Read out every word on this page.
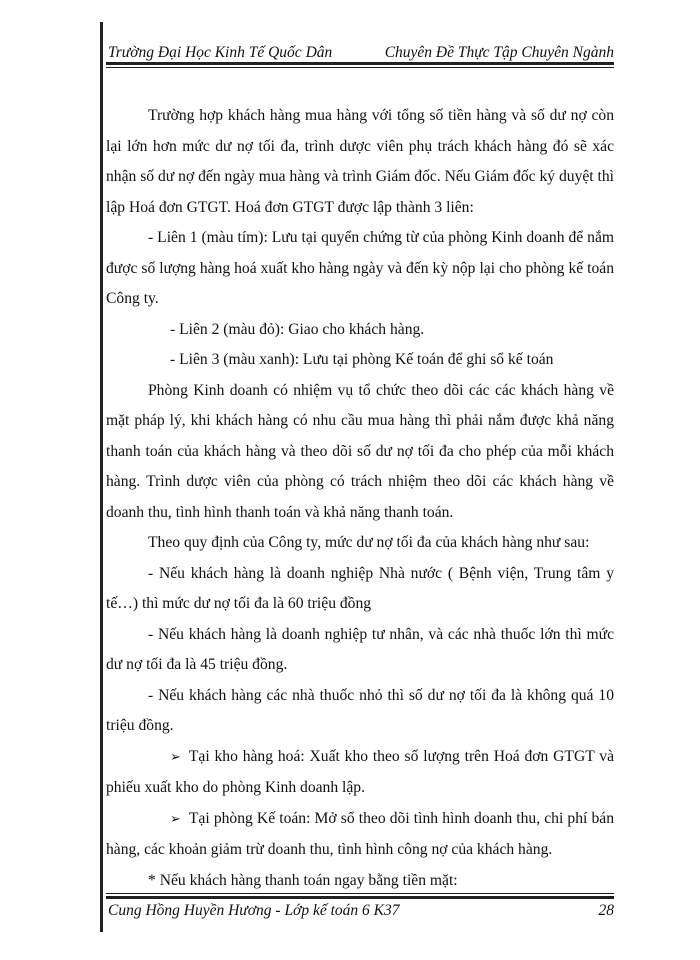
Trường Đại Học Kinh Tế Quốc Dân	Chuyên Đề Thực Tập Chuyên Ngành

Trường hợp khách hàng mua hàng với tổng số tiền hàng và số dư nợ còn lại lớn hơn mức dư nợ tối đa, trình dược viên phụ trách khách hàng đó sẽ xác nhận số dư nợ đến ngày mua hàng và trình Giám đốc. Nếu Giám đốc ký duyệt thì lập Hoá đơn GTGT. Hoá đơn GTGT được lập thành 3 liên:

- Liên 1 (màu tím): Lưu tại quyển chứng từ của phòng Kinh doanh để nắm được số lượng hàng hoá xuất kho hàng ngày và đến kỳ nộp lại cho phòng kế toán Công ty.

- Liên 2 (màu đỏ): Giao cho khách hàng.

- Liên 3 (màu xanh): Lưu tại phòng Kế toán để ghi sổ kế toán

Phòng Kinh doanh có nhiệm vụ tổ chức theo dõi các các khách hàng về mặt pháp lý, khi khách hàng có nhu cầu mua hàng thì phải nắm được khả năng thanh toán của khách hàng và theo dõi số dư nợ tối đa cho phép của mỗi khách hàng. Trình dược viên của phòng có trách nhiệm theo dõi các khách hàng về doanh thu, tình hình thanh toán và khả năng thanh toán.

Theo quy định của Công ty, mức dư nợ tối đa của khách hàng như sau:

- Nếu khách hàng là doanh nghiệp Nhà nước ( Bệnh viện, Trung tâm y tế…) thì mức dư nợ tối đa là 60 triệu đồng

- Nếu khách hàng là doanh nghiệp tư nhân, và các nhà thuốc lớn thì mức dư nợ tối đa là 45 triệu đồng.

- Nếu khách hàng các nhà thuốc nhỏ thì số dư nợ tối đa là không quá 10 triệu đồng.

➢ Tại kho hàng hoá: Xuất kho theo số lượng trên Hoá đơn GTGT và phiếu xuất kho do phòng Kinh doanh lập.

➢ Tại phòng Kế toán: Mở sổ theo dõi tình hình doanh thu, chi phí bán hàng, các khoản giảm trừ doanh thu, tình hình công nợ của khách hàng.

* Nếu khách hàng thanh toán ngay bằng tiền mặt:

Cung Hồng Huyền Hương - Lớp kế toán 6 K37	28
